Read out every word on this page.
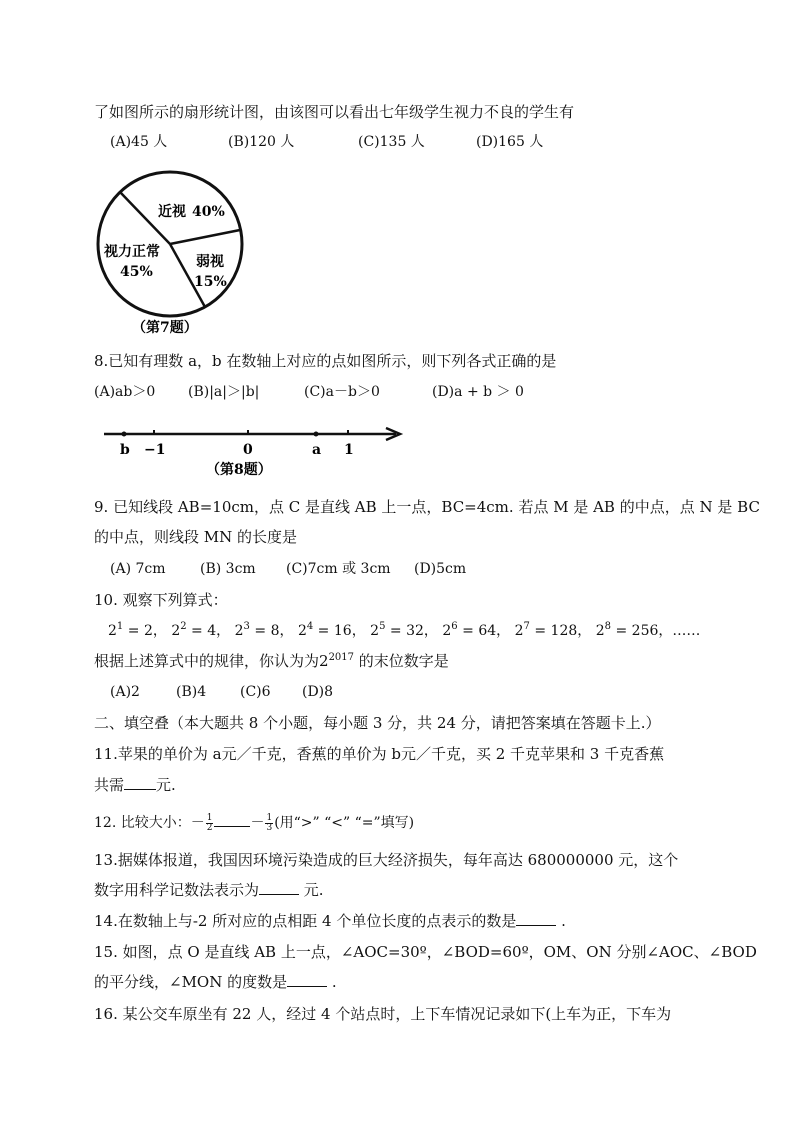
了如图所示的扇形统计图，由该图可以看出七年级学生视力不良的学生有
(A)45 人	(B)120 人	(C)135 人	(D)165 人
近视 40%
视力正常
45%
弱视
15%
（第7题）
8.已知有理数 a，b 在数轴上对应的点如图所示，则下列各式正确的是
(A)ab＞0 (B)|a|＞|b|	(C)a－b＞0	(D)a + b ＞ 0
b −1	0	a 1
（第8题）
9. 已知线段 AB=10cm，点 C 是直线 AB 上一点，BC=4cm. 若点 M 是 AB 的中点，点 N 是 BC
的中点，则线段 MN 的长度是
(A) 7cm (B) 3cm (C)7cm 或 3cm (D)5cm
10. 观察下列算式：
$2^1 = 2$， $2^2 = 4$， $2^3 = 8$， $2^4 = 16$， $2^5 = 32$， $2^6 = 64$， $2^7 = 128$， $2^8 = 256$，……
根据上述算式中的规律，你认为为$2^{2017}$ 的末位数字是
(A)2	(B)4 (C)6 (D)8
二、填空叠（本大题共 8 个小题，每小题 3 分，共 24 分，请把答案填在答题卡上.）
11.苹果的单价为 a元／千克，香蕉的单价为 b元／千克，买 2 千克苹果和 3 千克香蕉
共需 元.
12. 比较大小：－ $\frac{1}{2}$	－ $\frac{1}{3}$ (用“>” “<” “=”填写)
13.据媒体报道，我国因环境污染造成的巨大经济损失，每年高达 680000000 元，这个
数字用科学记数法表示为	元.
14.在数轴上与-2 所对应的点相距 4 个单位长度的点表示的数是	.
15. 如图，点 O 是直线 AB 上一点，∠AOC=30º，∠BOD=60º，OM、ON 分别∠AOC、∠BOD
的平分线，∠MON 的度数是	.
16. 某公交车原坐有 22 人，经过 4 个站点时，上下车情况记录如下(上车为正，下车为
